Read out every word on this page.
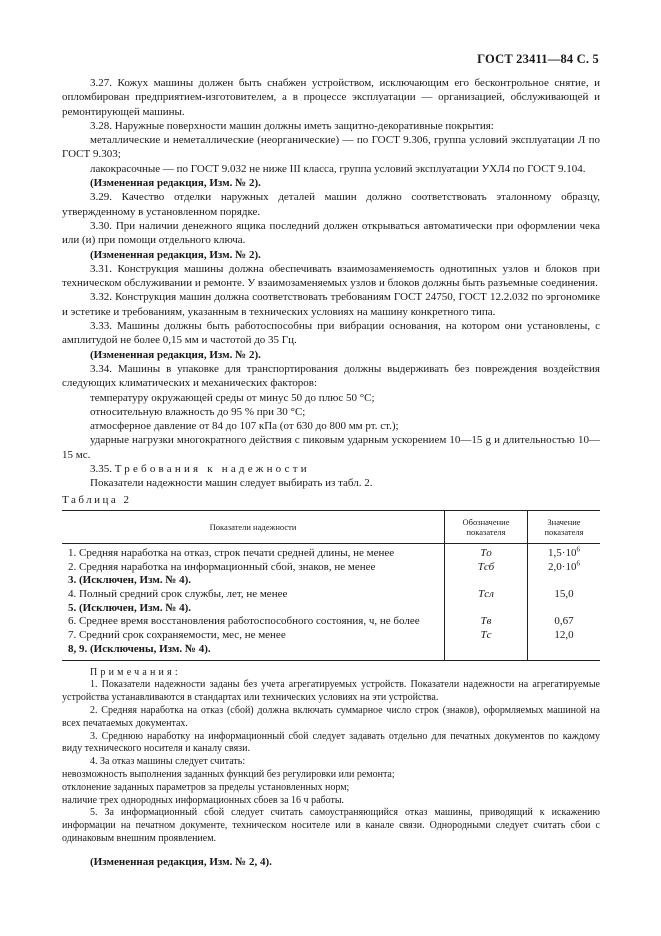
ГОСТ 23411—84 С. 5

3.27. Кожух машины должен быть снабжен устройством, исключающим его бесконтрольное снятие, и опломбирован предприятием-изготовителем, а в процессе эксплуатации — организацией, обслуживающей и ремонтирующей машины.

3.28. Наружные поверхности машин должны иметь защитно-декоративные покрытия:

металлические и неметаллические (неорганические) — по ГОСТ 9.306, группа условий эксплуатации Л по ГОСТ 9.303;

лакокрасочные — по ГОСТ 9.032 не ниже III класса, группа условий эксплуатации УХЛ4 по ГОСТ 9.104.

(Измененная редакция, Изм. № 2).

3.29. Качество отделки наружных деталей машин должно соответствовать эталонному образцу, утвержденному в установленном порядке.

3.30. При наличии денежного ящика последний должен открываться автоматически при оформлении чека или (и) при помощи отдельного ключа.

(Измененная редакция, Изм. № 2).

3.31. Конструкция машины должна обеспечивать взаимозаменяемость однотипных узлов и блоков при техническом обслуживании и ремонте. У взаимозаменяемых узлов и блоков должны быть разъемные соединения.

3.32. Конструкция машин должна соответствовать требованиям ГОСТ 24750, ГОСТ 12.2.032 по эргономике и эстетике и требованиям, указанным в технических условиях на машину конкретного типа.

3.33. Машины должны быть работоспособны при вибрации основания, на котором они установлены, с амплитудой не более 0,15 мм и частотой до 35 Гц.

(Измененная редакция, Изм. № 2).

3.34. Машины в упаковке для транспортирования должны выдерживать без повреждения воздействия следующих климатических и механических факторов:

температуру окружающей среды от минус 50 до плюс 50 °С;

относительную влажность до 95 % при 30 °С;

атмосферное давление от 84 до 107 кПа (от 630 до 800 мм рт. ст.);

ударные нагрузки многократного действия с пиковым ударным ускорением 10—15 g и длительностью 10—15 мс.

3.35. Требования к надежности

Показатели надежности машин следует выбирать из табл. 2.

Таблица 2

Показатели надежности	Обозначение показателя	Значение показателя
1. Средняя наработка на отказ, строк печати средней длины, не менее	Tо	$1,5\cdot 10^6$
2. Средняя наработка на информационный сбой, знаков, не менее	Tсб	$2,0\cdot 10^6$
3. (Исключен, Изм. № 4).		
4. Полный средний срок службы, лет, не менее	Tсл	15,0
5. (Исключен, Изм. № 4).		
6. Среднее время восстановления работоспособного состояния, ч, не более	Tв	0,67
7. Средний срок сохраняемости, мес, не менее	Tс	12,0
8, 9. (Исключены, Изм. № 4).		

Примечания:

1. Показатели надежности заданы без учета агрегатируемых устройств. Показатели надежности на агрегатируемые устройства устанавливаются в стандартах или технических условиях на эти устройства.

2. Средняя наработка на отказ (сбой) должна включать суммарное число строк (знаков), оформляемых машиной на всех печатаемых документах.

3. Среднюю наработку на информационный сбой следует задавать отдельно для печатных документов по каждому виду технического носителя и каналу связи.

4. За отказ машины следует считать:

невозможность выполнения заданных функций без регулировки или ремонта;

отклонение заданных параметров за пределы установленных норм;

наличие трех однородных информационных сбоев за 16 ч работы.

5. За информационный сбой следует считать самоустраняющийся отказ машины, приводящий к искажению информации на печатном документе, техническом носителе или в канале связи. Однородными следует считать сбои с одинаковым внешним проявлением.

(Измененная редакция, Изм. № 2, 4).
